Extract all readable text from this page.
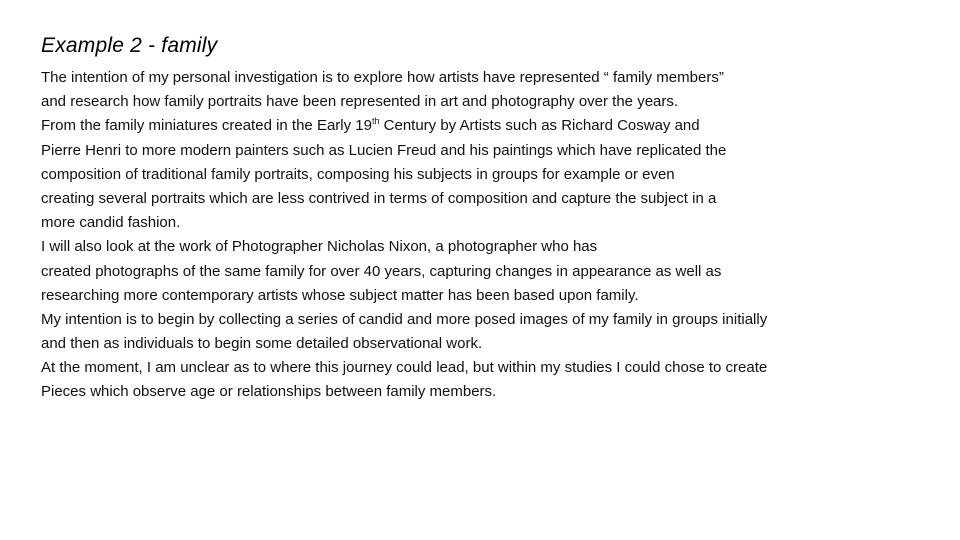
Example 2 - family
The intention of my personal investigation is to explore how artists have represented “ family members”
and research how family portraits have been represented in art and photography over the years.
From the family miniatures created in the Early 19th Century by Artists such as Richard Cosway and
Pierre Henri to more modern painters such as Lucien Freud and his paintings which have replicated the
composition of traditional family portraits, composing his subjects in groups for example or even
creating several portraits which are less contrived in terms of composition and capture the subject in a
more candid fashion.
I will also look at the work of Photographer Nicholas Nixon, a photographer who has
created photographs of the same family for over 40 years, capturing changes in appearance as well as
researching more contemporary artists whose subject matter has been based upon family.
My intention is to begin by collecting a series of candid and more posed images of my family in groups initially
and then as individuals to begin some detailed observational work.
At the moment, I am unclear as to where this journey could lead, but within my studies I could chose to create
Pieces which observe age or relationships between family members.
